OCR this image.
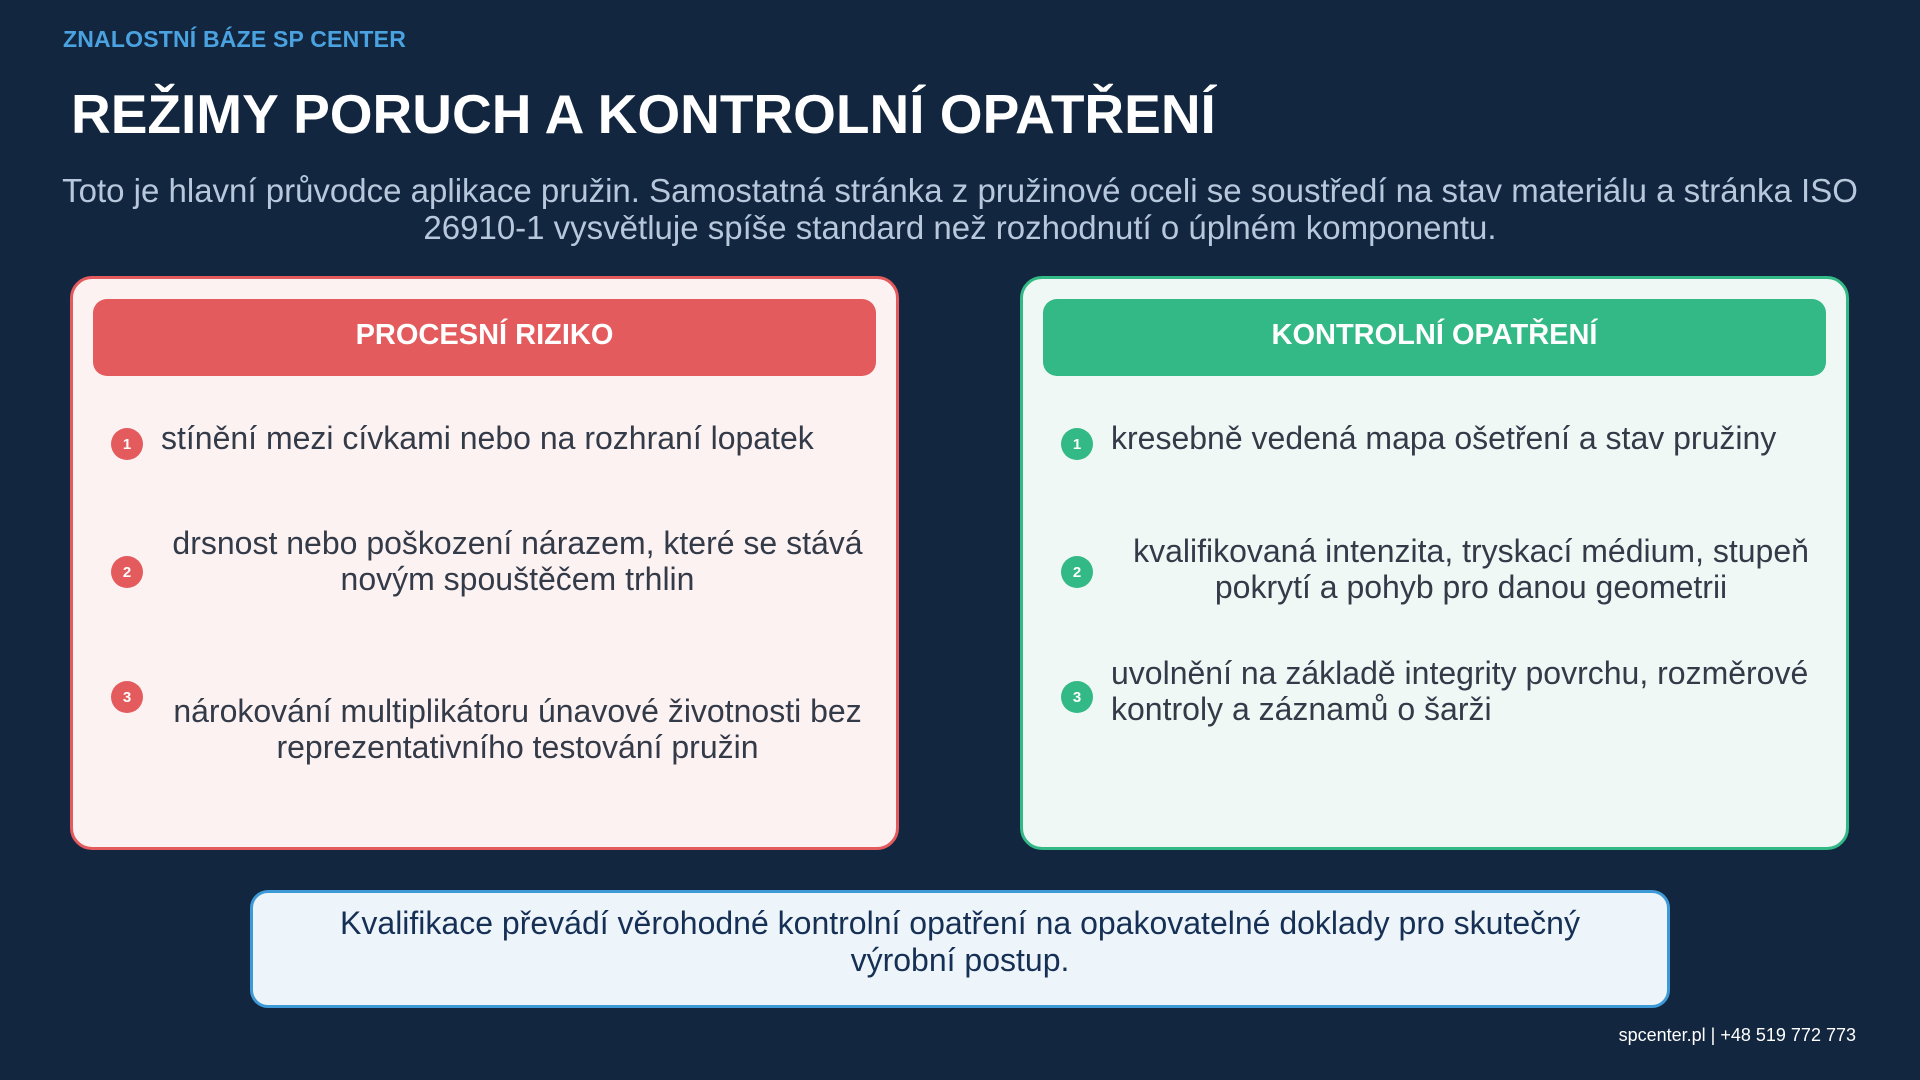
ZNALOSTNÍ BÁZE SP CENTER
REŽIMY PORUCH A KONTROLNÍ OPATŘENÍ
Toto je hlavní průvodce aplikace pružin. Samostatná stránka z pružinové oceli se soustředí na stav materiálu a stránka ISO 26910-1 vysvětluje spíše standard než rozhodnutí o úplném komponentu.
PROCESNÍ RIZIKO
1 stínění mezi cívkami nebo na rozhraní lopatek
2
drsnost nebo poškození nárazem, které se stává novým spouštěčem trhlin
3	nárokování multiplikátoru únavové životnosti bez reprezentativního testování pružin
KONTROLNÍ OPATŘENÍ
1 kresebně vedená mapa ošetření a stav pružiny
2
kvalifikovaná intenzita, tryskací médium, stupeň pokrytí a pohyb pro danou geometrii
3
uvolnění na základě integrity povrchu, rozměrové kontroly a záznamů o šarži
Kvalifikace převádí věrohodné kontrolní opatření na opakovatelné doklady pro skutečný výrobní postup.
spcenter.pl | +48 519 772 773
